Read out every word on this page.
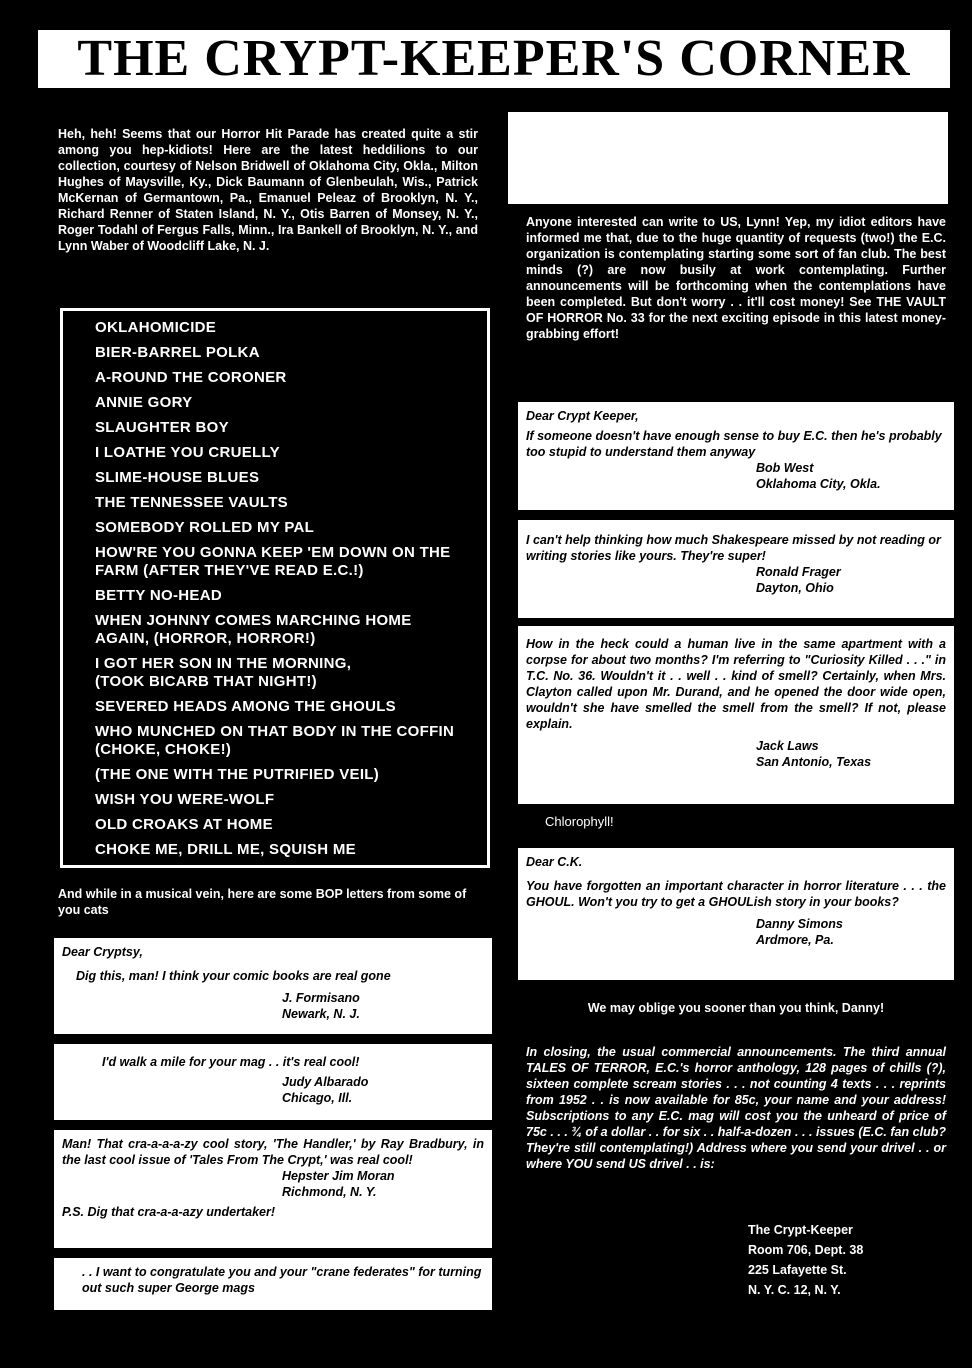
THE CRYPT-KEEPER'S CORNER
Heh, heh! Seems that our Horror Hit Parade has created quite a stir among you hep-kidiots! Here are the latest heddilions to our collection, courtesy of Nelson Bridwell of Oklahoma City, Okla., Milton Hughes of Maysville, Ky., Dick Baumann of Glenbeulah, Wis., Patrick McKernan of Germantown, Pa., Emanuel Peleaz of Brooklyn, N. Y., Richard Renner of Staten Island, N. Y., Otis Barren of Monsey, N. Y., Roger Todahl of Fergus Falls, Minn., Ira Bankell of Brooklyn, N. Y., and Lynn Waber of Woodcliff Lake, N. J.
OKLAHOMICIDE
BIER-BARREL POLKA
A-ROUND THE CORONER
ANNIE GORY
SLAUGHTER BOY
I LOATHE YOU CRUELLY
SLIME-HOUSE BLUES
THE TENNESSEE VAULTS
SOMEBODY ROLLED MY PAL
HOW'RE YOU GONNA KEEP 'EM DOWN ON THE
FARM (AFTER THEY'VE READ E.C.!)
BETTY NO-HEAD
WHEN JOHNNY COMES MARCHING HOME
AGAIN, (HORROR, HORROR!)
I GOT HER SON IN THE MORNING,
(TOOK BICARB THAT NIGHT!)
SEVERED HEADS AMONG THE GHOULS
WHO MUNCHED ON THAT BODY IN THE COFFIN
(CHOKE, CHOKE!)
(THE ONE WITH THE PUTRIFIED VEIL)
WISH YOU WERE-WOLF
OLD CROAKS AT HOME
CHOKE ME, DRILL ME, SQUISH ME
And while in a musical vein, here are some BOP letters from some of you cats
Dear Cryptsy,
Dig this, man! I think your comic books are real gone
J. Formisano
Newark, N. J.
I'd walk a mile for your mag . . it's real cool!
Judy Albarado
Chicago, Ill.
Man! That cra-a-a-a-zy cool story, 'The Handler,' by Ray Bradbury, in the last cool issue of 'Tales From The Crypt,' was real cool!
Hepster Jim Moran
Richmond, N. Y.
P.S. Dig that cra-a-a-azy undertaker!
. . I want to congratulate you and your "crane federates" for turning out such super George mags
Anyone interested can write to US, Lynn! Yep, my idiot editors have informed me that, due to the huge quantity of requests (two!) the E.C. organization is contemplating starting some sort of fan club. The best minds (?) are now busily at work contemplating. Further announcements will be forthcoming when the contemplations have been completed. But don't worry . . it'll cost money! See THE VAULT OF HORROR No. 33 for the next exciting episode in this latest money-grabbing effort!
Dear Crypt Keeper,
If someone doesn't have enough sense to buy E.C. then he's probably too stupid to understand them anyway
Bob West
Oklahoma City, Okla.
I can't help thinking how much Shakespeare missed by not reading or writing stories like yours. They're super!
Ronald Frager
Dayton, Ohio
How in the heck could a human live in the same apartment with a corpse for about two months? I'm referring to "Curiosity Killed . . ." in T.C. No. 36. Wouldn't it . . well . . kind of smell? Certainly, when Mrs. Clayton called upon Mr. Durand, and he opened the door wide open, wouldn't she have smelled the smell from the smell? If not, please explain.
Jack Laws
San Antonio, Texas
Chlorophyll!
Dear C.K.
You have forgotten an important character in horror literature . . . the GHOUL. Won't you try to get a GHOULish story in your books?
Danny Simons
Ardmore, Pa.
We may oblige you sooner than you think, Danny!
In closing, the usual commercial announcements. The third annual TALES OF TERROR, E.C.'s horror anthology, 128 pages of chills (?), sixteen complete scream stories . . . not counting 4 texts . . . reprints from 1952 . . is now available for 85c, your name and your address! Subscriptions to any E.C. mag will cost you the unheard of price of 75c . . . ¾ of a dollar . . for six . . half-a-dozen . . . issues (E.C. fan club? They're still contemplating!) Address where you send your drivel . . or where YOU send US drivel . . is:
The Crypt-Keeper
Room 706, Dept. 38
225 Lafayette St.
N. Y. C. 12, N. Y.
